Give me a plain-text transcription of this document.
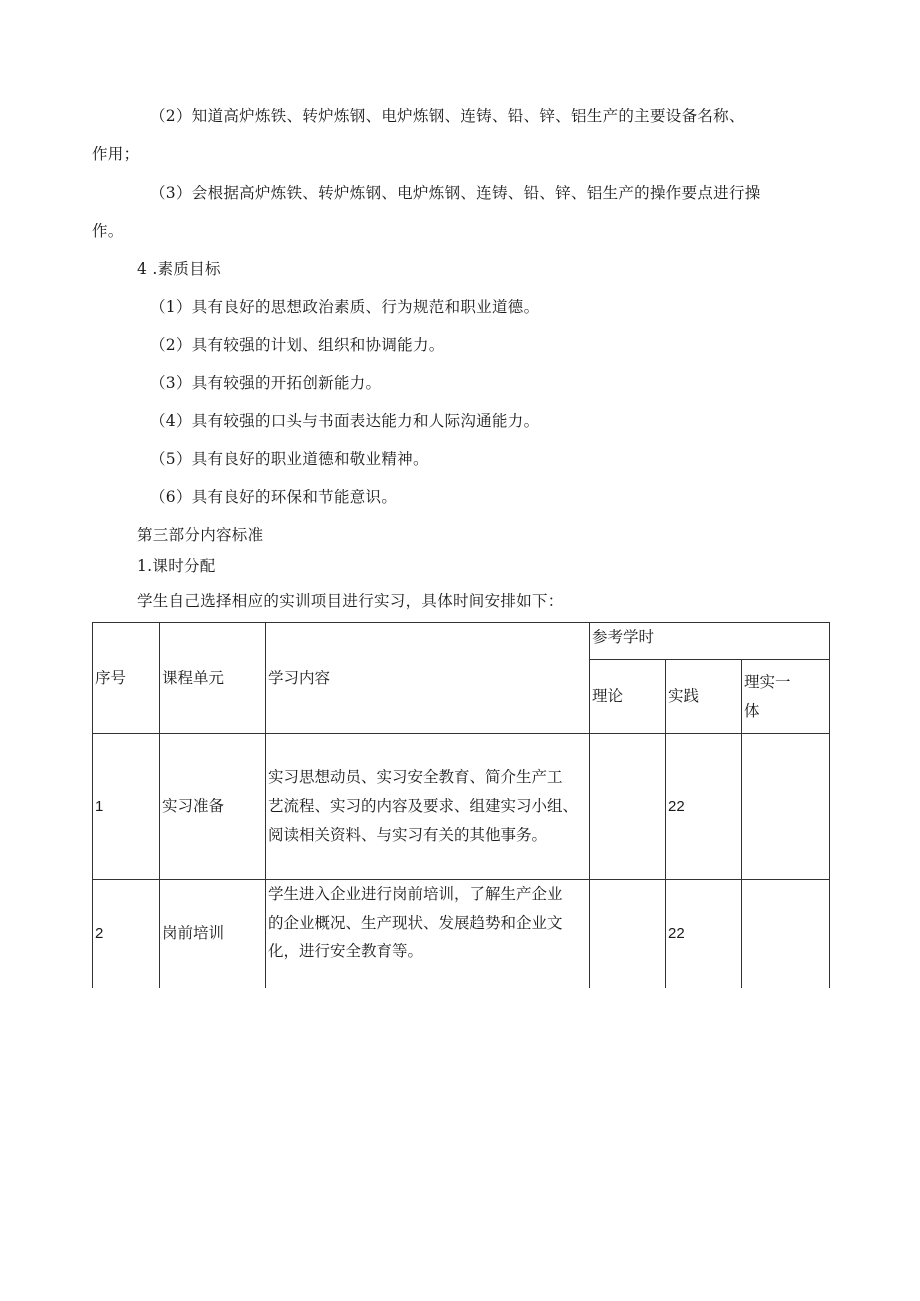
（2）知道高炉炼铁、转炉炼钢、电炉炼钢、连铸、铅、锌、铝生产的主要设备名称、
作用；
（3）会根据高炉炼铁、转炉炼钢、电炉炼钢、连铸、铅、锌、铝生产的操作要点进行操
作。
4 .素质目标
（1）具有良好的思想政治素质、行为规范和职业道德。
（2）具有较强的计划、组织和协调能力。
（3）具有较强的开拓创新能力。
（4）具有较强的口头与书面表达能力和人际沟通能力。
（5）具有良好的职业道德和敬业精神。
（6）具有良好的环保和节能意识。
第三部分内容标准
1.课时分配
学生自己选择相应的实训项目进行实习，具体时间安排如下：
序号	课程单元	学习内容	参考学时		
			理论	实践	理实一
体

1	实习准备	实习思想动员、实习安全教育、简介生产工
艺流程、实习的内容及要求、组建实习小组、
阅读相关资料、与实习有关的其他事务。		22	
2	岗前培训	学生进入企业进行岗前培训，了解生产企业
的企业概况、生产现状、发展趋势和企业文
化，进行安全教育等。		22	
